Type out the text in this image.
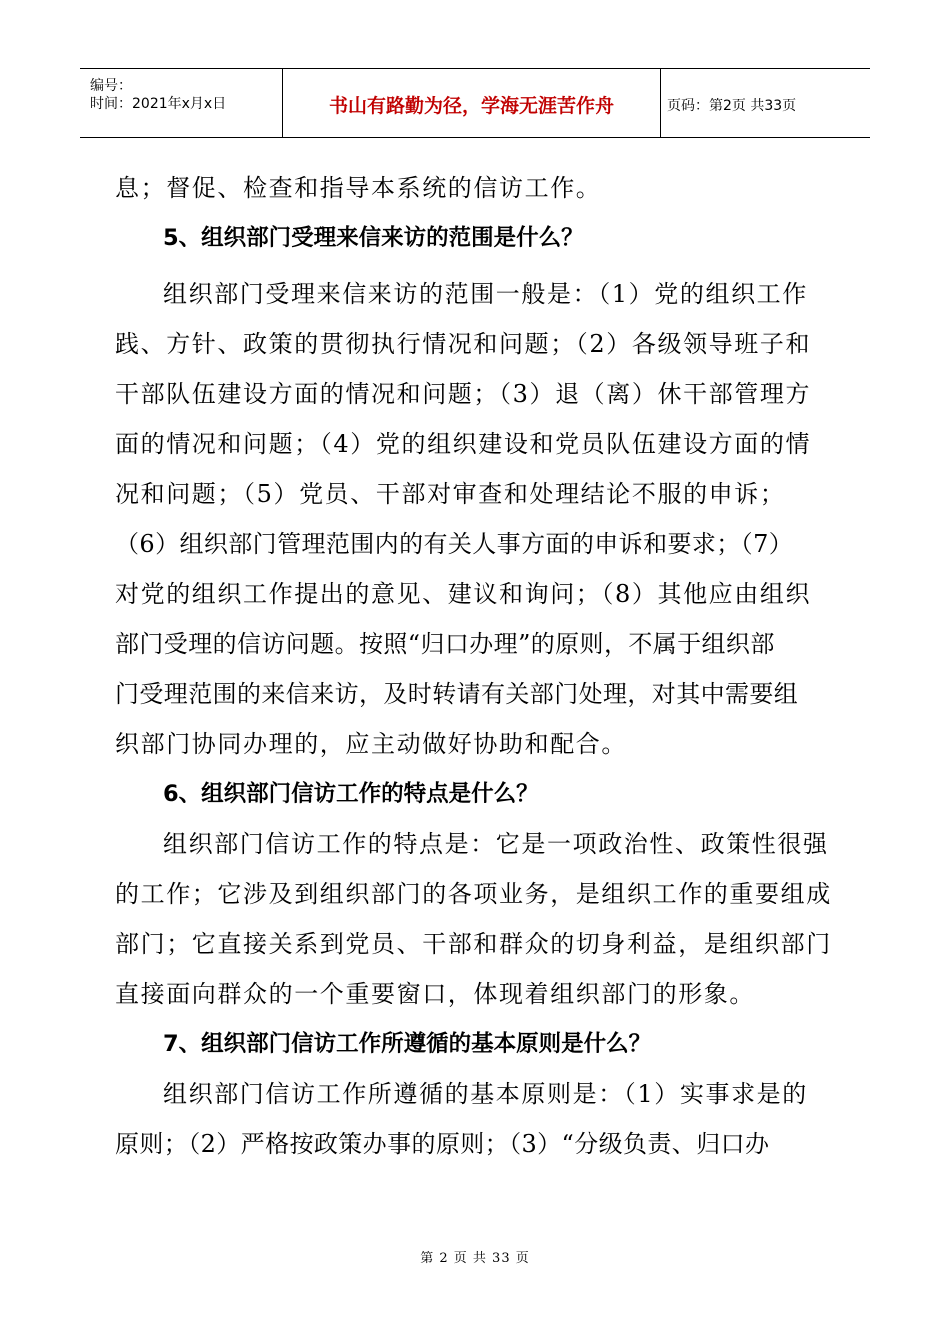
编号：
时间：2021年x月x日	书山有路勤为径，学海无涯苦作舟	页码：第2页 共33页
息；督促、检查和指导本系统的信访工作。
5、组织部门受理来信来访的范围是什么？
组织部门受理来信来访的范围一般是：（1）党的组织工作
践、方针、政策的贯彻执行情况和问题；（2）各级领导班子和
干部队伍建设方面的情况和问题；（3）退（离）休干部管理方
面的情况和问题；（4）党的组织建设和党员队伍建设方面的情
况和问题；（5）党员、干部对审查和处理结论不服的申诉；
（6）组织部门管理范围内的有关人事方面的申诉和要求；（7）
对党的组织工作提出的意见、建议和询问；（8）其他应由组织
部门受理的信访问题。按照“归口办理”的原则，不属于组织部
门受理范围的来信来访，及时转请有关部门处理，对其中需要组
织部门协同办理的，应主动做好协助和配合。
6、组织部门信访工作的特点是什么？
组织部门信访工作的特点是：它是一项政治性、政策性很强
的工作；它涉及到组织部门的各项业务，是组织工作的重要组成
部门；它直接关系到党员、干部和群众的切身利益，是组织部门
直接面向群众的一个重要窗口，体现着组织部门的形象。
7、组织部门信访工作所遵循的基本原则是什么？
组织部门信访工作所遵循的基本原则是：（1）实事求是的
原则；（2）严格按政策办事的原则；（3）“分级负责、归口办
第 2 页 共 33 页
